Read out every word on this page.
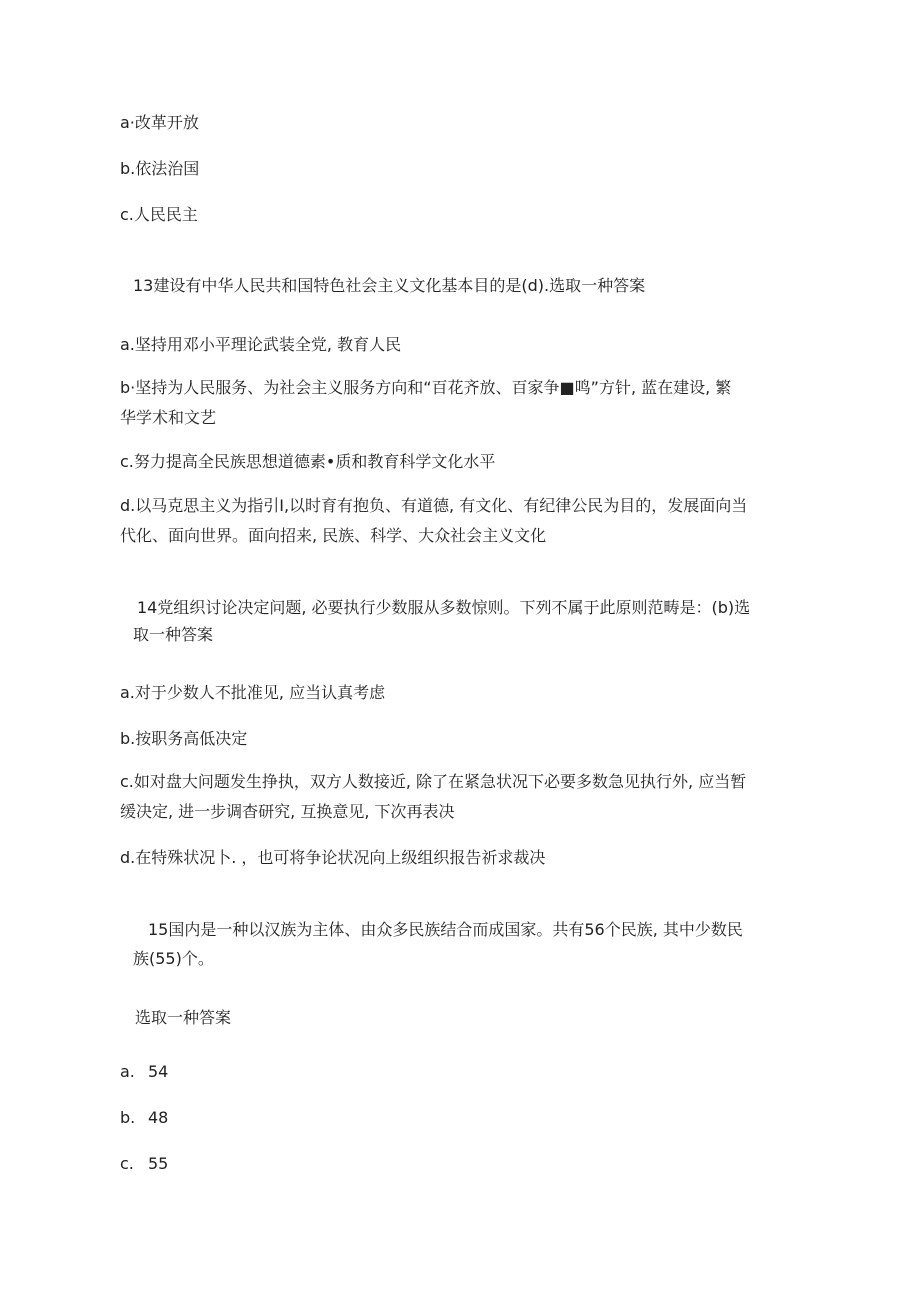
a·改革开放
b.依法治国
c.人民民主
13建设有中华人民共和国特色社会主义文化基本目的是(d).选取一种答案
a.坚持用邓小平理论武装全党, 教育人民
b·坚持为人民服务、为社会主义服务方向和“百花齐放、百家争■鸣”方针, 蓝在建设, 繁
华学术和文艺
c.努力提高全民族思想道德素•质和教育科学文化水平
d.以马克思主义为指引I,以时育有抱负、有道德, 有文化、有纪律公民为目的，发展面向当
代化、面向世界。面向招来, 民族、科学、大众社会主义文化
14党组织讨论决定问题, 必要执行少数服从多数惊则。下列不属于此原则范畴是：(b)选
取一种答案
a.对于少数人不批准见, 应当认真考虑
b.按职务高低决定
c.如对盘大问题发生挣执，双方人数接近, 除了在紧急状况下必要多数急见执行外, 应当暂
缓决定, 进一步调杳研究, 互换意见, 下次再表决
d.在特殊状况卜. ，也可将争论状况向上级组织报告祈求裁决
15国内是一种以汉族为主体、由众多民族结合而成国家。共有56个民族, 其中少数民
族(55)个。
选取一种答案
a. 54
b. 48
c. 55
